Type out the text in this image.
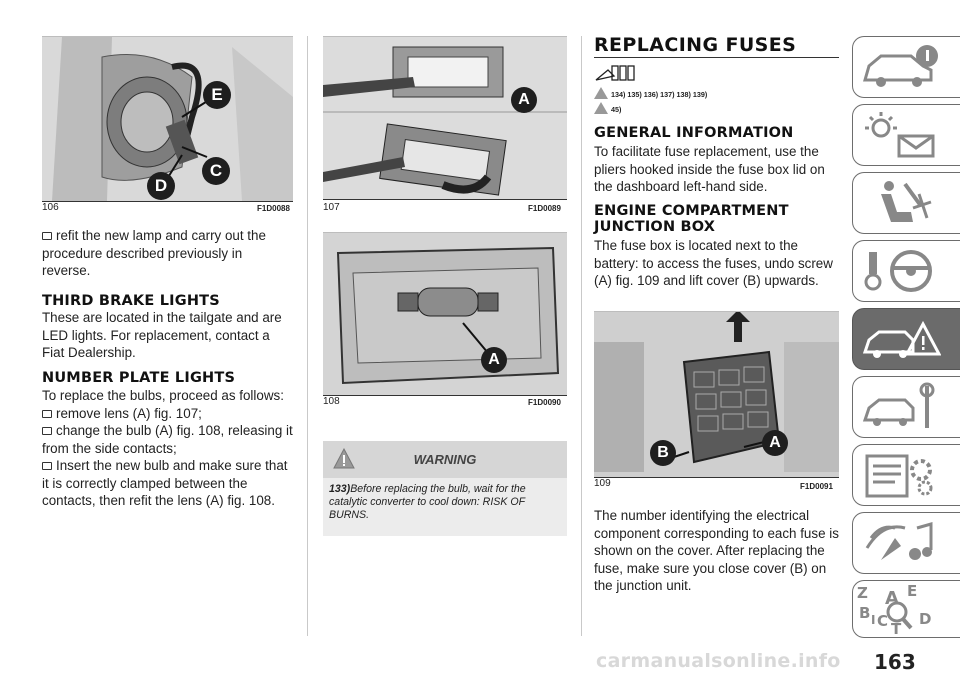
E
C
D
106	F1D0088

refit the new lamp and carry out the procedure described previously in reverse.

THIRD BRAKE LIGHTS
These are located in the tailgate and are LED lights. For replacement, contact a Fiat Dealership.
NUMBER PLATE LIGHTS

To replace the bulbs, proceed as follows:

remove lens (A) fig. 107;

change the bulb (A) fig. 108, releasing it from the side contacts;

Insert the new bulb and make sure that it is correctly clamped between the contacts, then refit the lens (A) fig. 108.

A
107	F1D0089
A
108	F1D0090
WARNING
133)Before replacing the bulb, wait for the catalytic converter to cool down: RISK OF BURNS.
REPLACING FUSES
134) 135) 136) 137) 138) 139)
45)
GENERAL INFORMATION
To facilitate fuse replacement, use the pliers hooked inside the fuse box lid on the dashboard left-hand side.
ENGINE COMPARTMENT
JUNCTION BOX
The fuse box is located next to the battery: to access the fuses, undo screw (A) fig. 109 and lift cover (B) upwards.
B
A
109	F1D0091
The number identifying the electrical component corresponding to each fuse is shown on the cover. After replacing the fuse, make sure you close cover (B) on the junction unit.	Z	E
A
B C T
D
I
carmanualsonline.info 163
